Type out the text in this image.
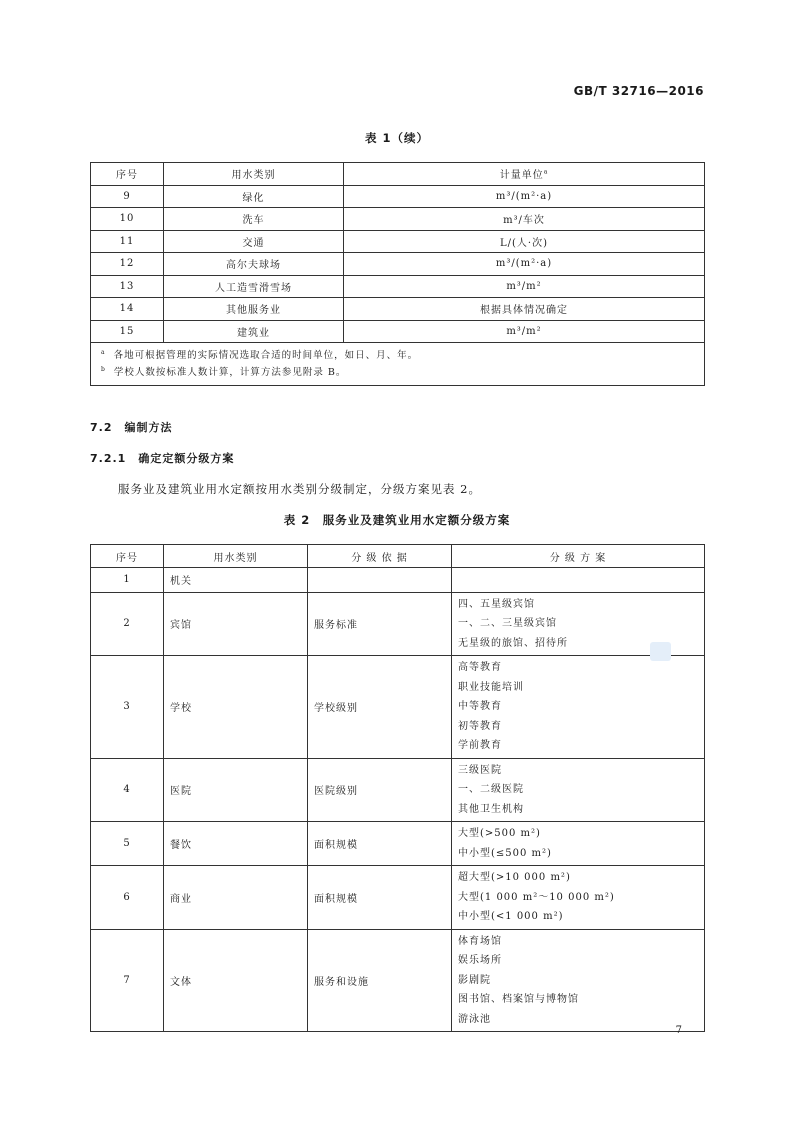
GB/T 32716—2016
表 1（续）
序号	用水类别	计量单位$^a$
9	绿化	m³/(m²·a)
10	洗车	m³/车次
11	交通	L/(人·次)
12	高尔夫球场	m³/(m²·a)
13	人工造雪滑雪场	m³/m²
14	其他服务业	根据具体情况确定
15	建筑业	m³/m²

$^a$ 各地可根据管理的实际情况选取合适的时间单位，如日、月、年。
$^b$ 学校人数按标准人数计算，计算方法参见附录 B。		
7.2　编制方法
7.2.1　确定定额分级方案
服务业及建筑业用水定额按用水类别分级制定，分级方案见表 2。
表 2　服务业及建筑业用水定额分级方案
序号	用水类别	分 级 依 据	分 级 方 案
1	机关		

2	宾馆	服务标准	四、五星级宾馆
一、二、三星级宾馆
无星级的旅馆、招待所

3	学校	学校级别	高等教育
职业技能培训
中等教育
初等教育
学前教育

4	医院	医院级别	三级医院
一、二级医院
其他卫生机构

5	餐饮	面积规模	大型(>500 m²)
中小型(≤500 m²)

6	商业	面积规模	超大型(>10 000 m²)
大型(1 000 m²～10 000 m²)
中小型(<1 000 m²)

7	文体	服务和设施	体育场馆
娱乐场所
影剧院
图书馆、档案馆与博物馆
游泳池
7
